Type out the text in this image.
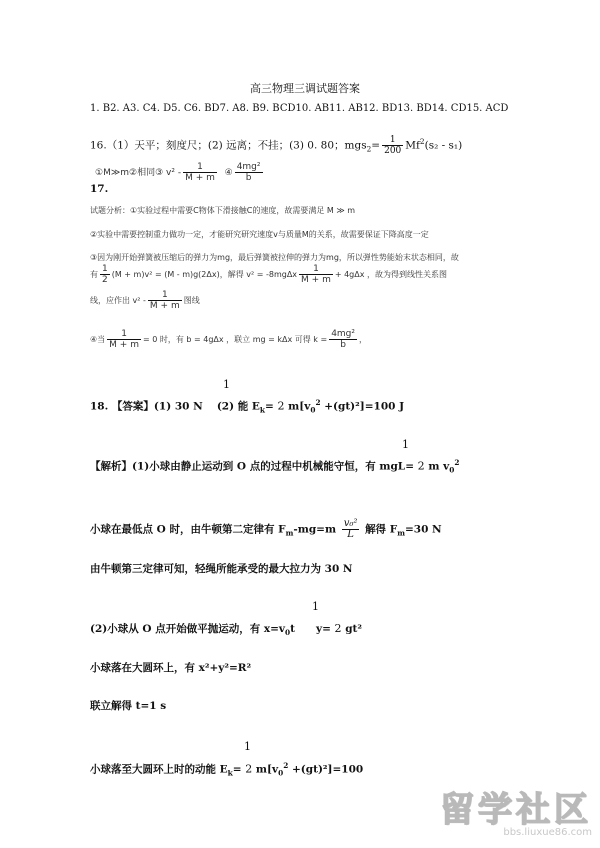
高三物理三调试题答案
1. B2. A3. C4. D5. C6. BD7. A8. B9. BCD10. AB11. AB12. BD13. BD14. CD15. ACD
16.（1）天平；刻度尺；(2) 远离；不挂；(3) 0. 80；$mgs_2= \frac{1}{200} Mf^2(s_2 - s_1)$
①M≫m②相同③ $v^2 - \frac{1}{M + m}$ ④ $\frac{\text{4mg²}}{b}$
17.
试题分析：①实验过程中需要C物体下滑接触C的速度，故需要满足 M ≫ m
②实验中需要控制重力做功一定，才能研究研究速度v与质量M的关系，故需要保证下降高度一定
③因为刚开始弹簧被压缩后的弹力为mg，最后弹簧被拉伸的弹力为mg，所以弹性势能始末状态相同，故
有 $\frac{1}{2} (M + m)v^2 = (M - m)g(2\Delta x)$，解得 $v^2 = -8mg\Delta x \frac{1}{M + m} + 4g\Delta x$ ，故为得到线性关系图
线，应作出 $v^2 - \frac{1}{M + m}$ 图线
④当 $\frac{1}{M + m} = 0$ 时，有 b = 4gΔx ，联立 mg = kΔx 可得 $k = \frac{\text{4mg²}}{b}$ ，
1
18. 【答案】(1) 30 N　 (2) 能 $E_k= 2$ $m[v_0^2 +(gt)^2]=100$ J
1
【解析】(1)小球由静止运动到 O 点的过程中机械能守恒，有 mgL= 2 m $v_0^2$
小球在最低点 O 时，由牛顿第二定律有 $F_m-mg=m \frac{\text{v₀²}}{L}$ 解得 $F_m=30$ N
由牛顿第三定律可知，轻绳所能承受的最大拉力为 30 N
1
(2)小球从 O 点开始做平抛运动，有 $x=v_0t$　　y= 2 gt²
小球落在大圆环上，有 x²+y²=R²
联立解得 t=1 s
1
小球落至大圆环上时的动能 $E_k= 2$ $m[v_0^2 +(gt)^2]=100$
留学社区
bbs.liuxue86.com
